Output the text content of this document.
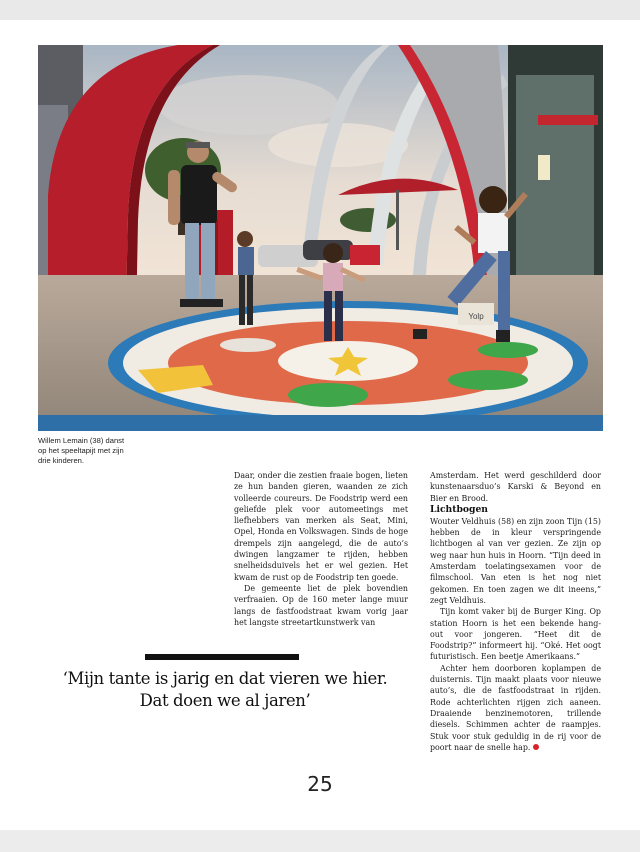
Yolp
Willem Lemain (38) danst op het speeltapijt met zijn drie kinderen.

Daar, onder die zestien fraaie bogen, lieten ze hun banden gieren, waanden ze zich volleerde coureurs. De Foodstrip werd een geliefde plek voor automeetings met liefhebbers van merken als Seat, Mini, Opel, Honda en Volkswagen. Sinds de hoge drempels zijn aangelegd, die de auto’s dwingen langzamer te rijden, hebben snelheidsduivels het er wel gezien. Het kwam de rust op de Foodstrip ten goede.

De gemeente liet de plek bovendien verfraaien. Op de 160 meter lange muur langs de fastfoodstraat kwam vorig jaar het langste streetartkunstwerk van

‘Mijn tante is jarig en dat vieren we hier. Dat doen we al jaren’

Amsterdam. Het werd geschilderd door kunstenaarsduo’s Karski & Beyond en Bier en Brood.

Lichtbogen

Wouter Veldhuis (58) en zijn zoon Tijn (15) hebben de in kleur verspringende lichtbogen al van ver gezien. Ze zijn op weg naar hun huis in Hoorn. “Tijn deed in Amsterdam toelatingsexamen voor de filmschool. Van eten is het nog niet gekomen. En toen zagen we dit ineens,” zegt Veldhuis.

Tijn komt vaker bij de Burger King. Op station Hoorn is het een bekende hang-out voor jongeren. “Heet dit de Foodstrip?” informeert hij. “Oké. Het oogt futuristisch. Een beetje Amerikaans.”

Achter hem doorboren koplampen de duisternis. Tijn maakt plaats voor nieuwe auto’s, die de fastfoodstraat in rijden. Rode achterlichten rijgen zich aaneen. Draaiende benzinemotoren, trillende diesels. Schimmen achter de raampjes. Stuk voor stuk geduldig in de rij voor de poort naar de snelle hap.

25
